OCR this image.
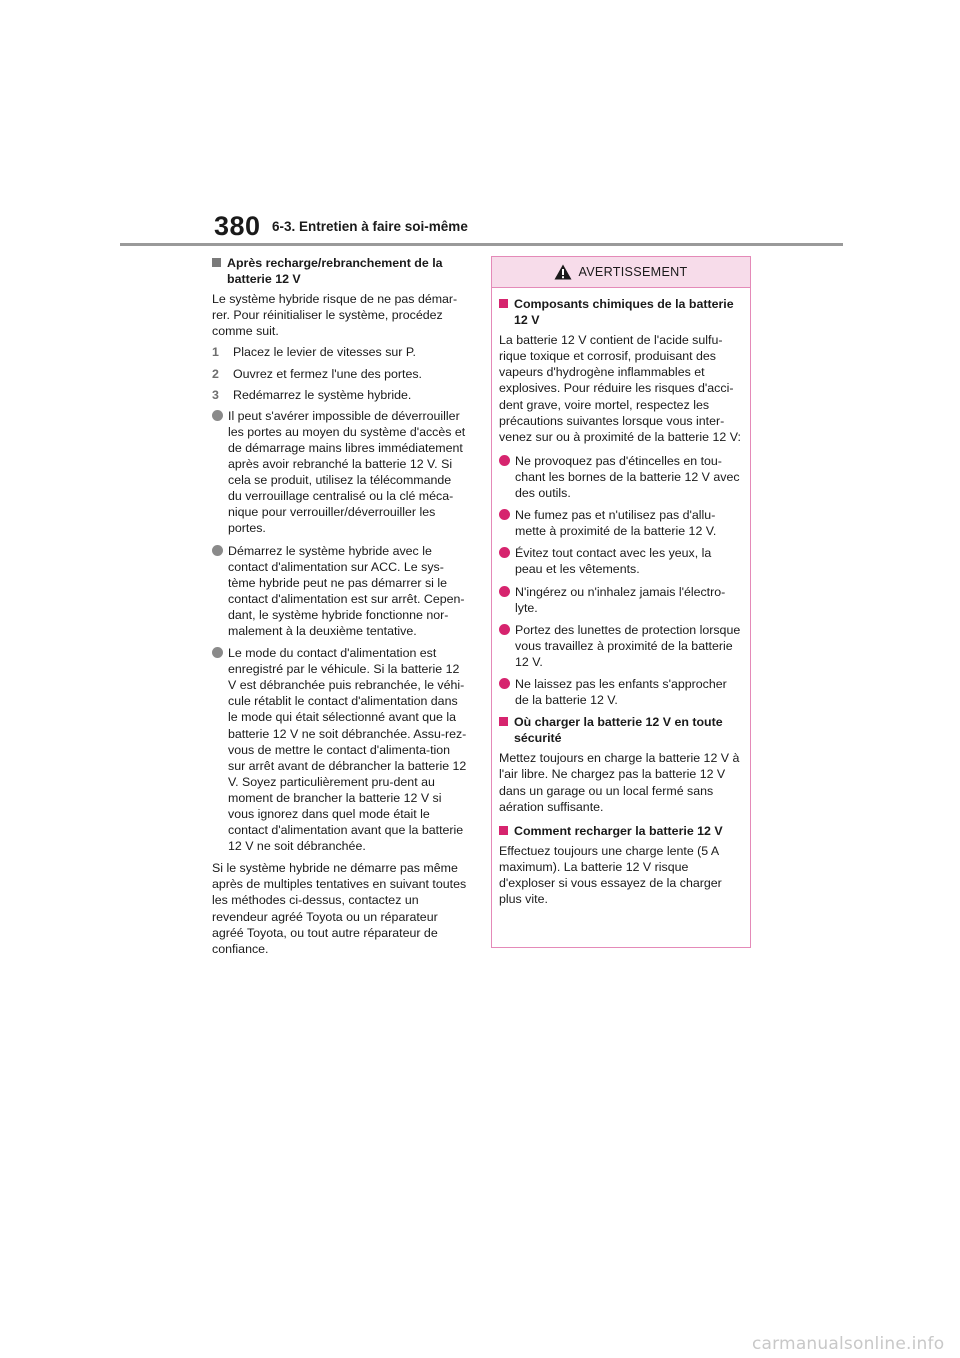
380 6-3. Entretien à faire soi-même
Après recharge/rebranchement de la batterie 12 V

Le système hybride risque de ne pas démar-rer. Pour réinitialiser le système, procédez comme suit.

1	Placez le levier de vitesses sur P.
2	Ouvrez et fermez l'une des portes.
3	Redémarrez le système hybride.
Il peut s'avérer impossible de déverrouiller les portes au moyen du système d'accès et de démarrage mains libres immédiatement après avoir rebranché la batterie 12 V. Si cela se produit, utilisez la télécommande du verrouillage centralisé ou la clé méca-nique pour verrouiller/déverrouiller les portes.
Démarrez le système hybride avec le contact d'alimentation sur ACC. Le sys-tème hybride peut ne pas démarrer si le contact d'alimentation est sur arrêt. Cepen-dant, le système hybride fonctionne nor-malement à la deuxième tentative.
Le mode du contact d'alimentation est enregistré par le véhicule. Si la batterie 12 V est débranchée puis rebranchée, le véhi-cule rétablit le contact d'alimentation dans le mode qui était sélectionné avant que la batterie 12 V ne soit débranchée. Assu-rez-vous de mettre le contact d'alimenta-tion sur arrêt avant de débrancher la batterie 12 V. Soyez particulièrement pru-dent au moment de brancher la batterie 12 V si vous ignorez dans quel mode était le contact d'alimentation avant que la batterie 12 V ne soit débranchée.

Si le système hybride ne démarre pas même après de multiples tentatives en suivant toutes les méthodes ci-dessus, contactez un revendeur agréé Toyota ou un réparateur agréé Toyota, ou tout autre réparateur de confiance.

AVERTISSEMENT
Composants chimiques de la batterie 12 V

La batterie 12 V contient de l'acide sulfu-rique toxique et corrosif, produisant des vapeurs d'hydrogène inflammables et explosives. Pour réduire les risques d'acci-dent grave, voire mortel, respectez les précautions suivantes lorsque vous inter-venez sur ou à proximité de la batterie 12 V:

Ne provoquez pas d'étincelles en tou-chant les bornes de la batterie 12 V avec des outils.
Ne fumez pas et n'utilisez pas d'allu-mette à proximité de la batterie 12 V.
Évitez tout contact avec les yeux, la peau et les vêtements.
N'ingérez ou n'inhalez jamais l'électro-lyte.
Portez des lunettes de protection lorsque vous travaillez à proximité de la batterie 12 V.
Ne laissez pas les enfants s'approcher de la batterie 12 V.
Où charger la batterie 12 V en toute sécurité

Mettez toujours en charge la batterie 12 V à l'air libre. Ne chargez pas la batterie 12 V dans un garage ou un local fermé sans aération suffisante.

Comment recharger la batterie 12 V

Effectuez toujours une charge lente (5 A maximum). La batterie 12 V risque d'exploser si vous essayez de la charger plus vite.

carmanualsonline.info
